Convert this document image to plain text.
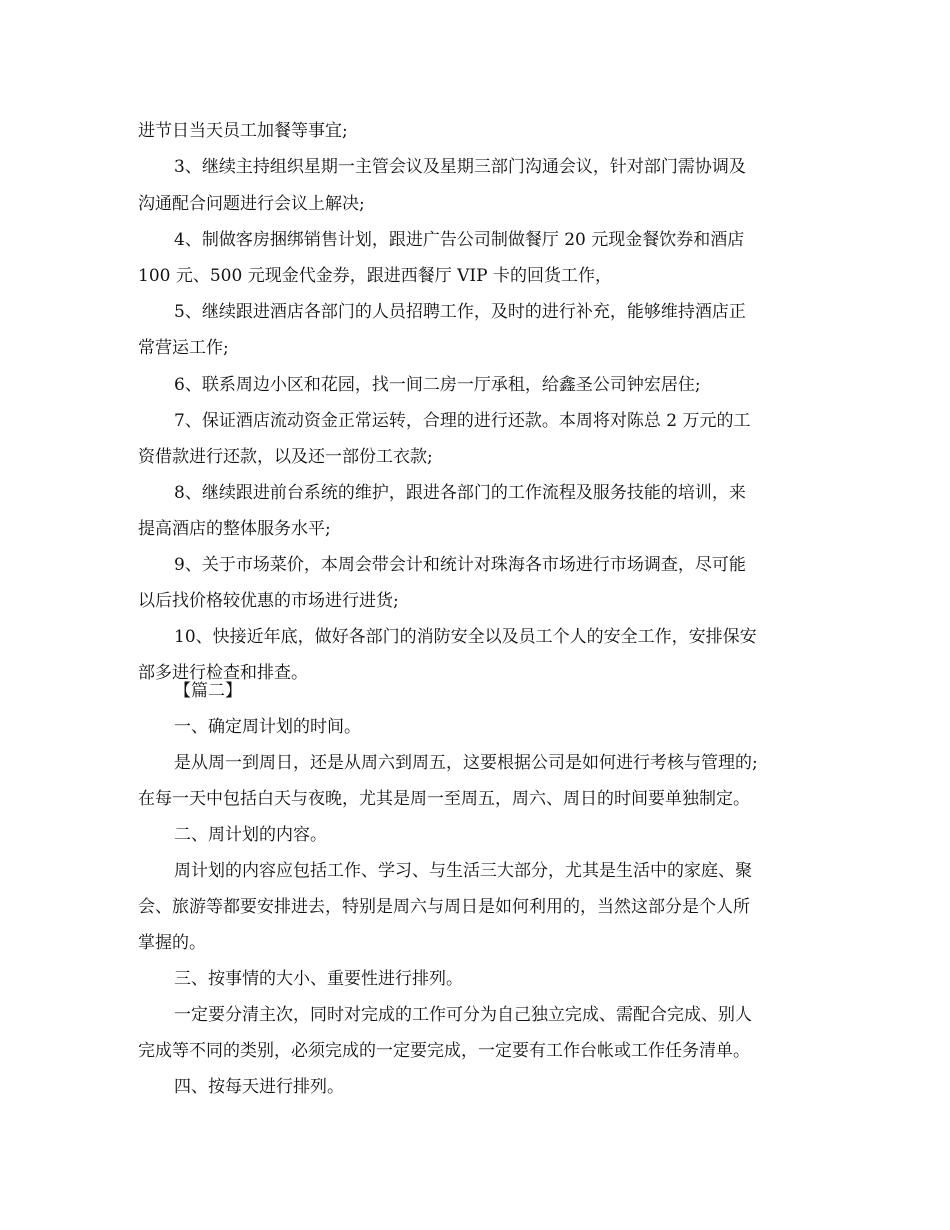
进节日当天员工加餐等事宜;
3、继续主持组织星期一主管会议及星期三部门沟通会议，针对部门需协调及
沟通配合问题进行会议上解决;
4、制做客房捆绑销售计划，跟进广告公司制做餐厅 20 元现金餐饮券和酒店
100 元、500 元现金代金券，跟进西餐厅 VIP 卡的回货工作，
5、继续跟进酒店各部门的人员招聘工作，及时的进行补充，能够维持酒店正
常营运工作;
6、联系周边小区和花园，找一间二房一厅承租，给鑫圣公司钟宏居住;
7、保证酒店流动资金正常运转，合理的进行还款。本周将对陈总 2 万元的工
资借款进行还款，以及还一部份工衣款;
8、继续跟进前台系统的维护，跟进各部门的工作流程及服务技能的培训，来
提高酒店的整体服务水平;
9、关于市场菜价，本周会带会计和统计对珠海各市场进行市场调查，尽可能
以后找价格较优惠的市场进行进货;
10、快接近年底，做好各部门的消防安全以及员工个人的安全工作，安排保安
部多进行检查和排查。
【篇二】
一、确定周计划的时间。
是从周一到周日，还是从周六到周五，这要根据公司是如何进行考核与管理的;
在每一天中包括白天与夜晚，尤其是周一至周五，周六、周日的时间要单独制定。
二、周计划的内容。
周计划的内容应包括工作、学习、与生活三大部分，尤其是生活中的家庭、聚
会、旅游等都要安排进去，特别是周六与周日是如何利用的，当然这部分是个人所
掌握的。
三、按事情的大小、重要性进行排列。
一定要分清主次，同时对完成的工作可分为自己独立完成、需配合完成、别人
完成等不同的类别，必须完成的一定要完成，一定要有工作台帐或工作任务清单。
四、按每天进行排列。
